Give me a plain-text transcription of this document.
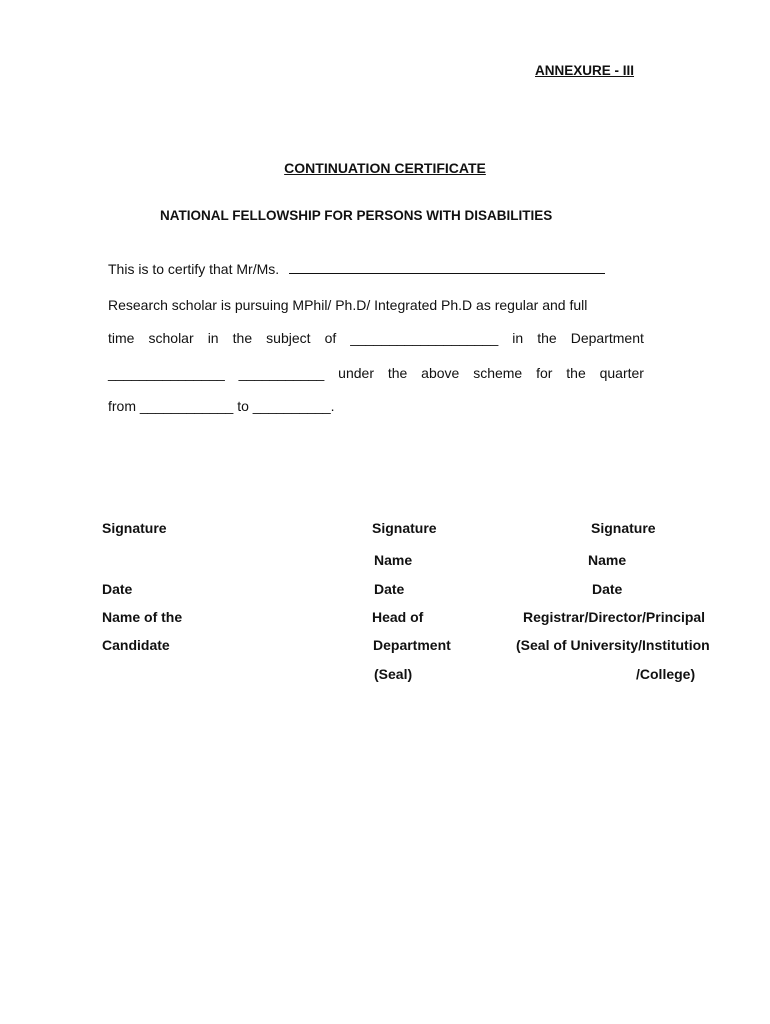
ANNEXURE - III
CONTINUATION CERTIFICATE
NATIONAL FELLOWSHIP FOR PERSONS WITH DISABILITIES
This is to certify that Mr/Ms.
Research scholar is pursuing MPhil/ Ph.D/ Integrated Ph.D as regular and full
time scholar in the subject of ___________________ in the Department
_______________ ___________ under the above scheme for the quarter
from ____________ to __________.
Signature
Date
Name of the
Candidate
Signature
Name
Date
Head of
Department
(Seal)
Signature
Name
Date
Registrar/Director/Principal
(Seal of University/Institution
/College)
